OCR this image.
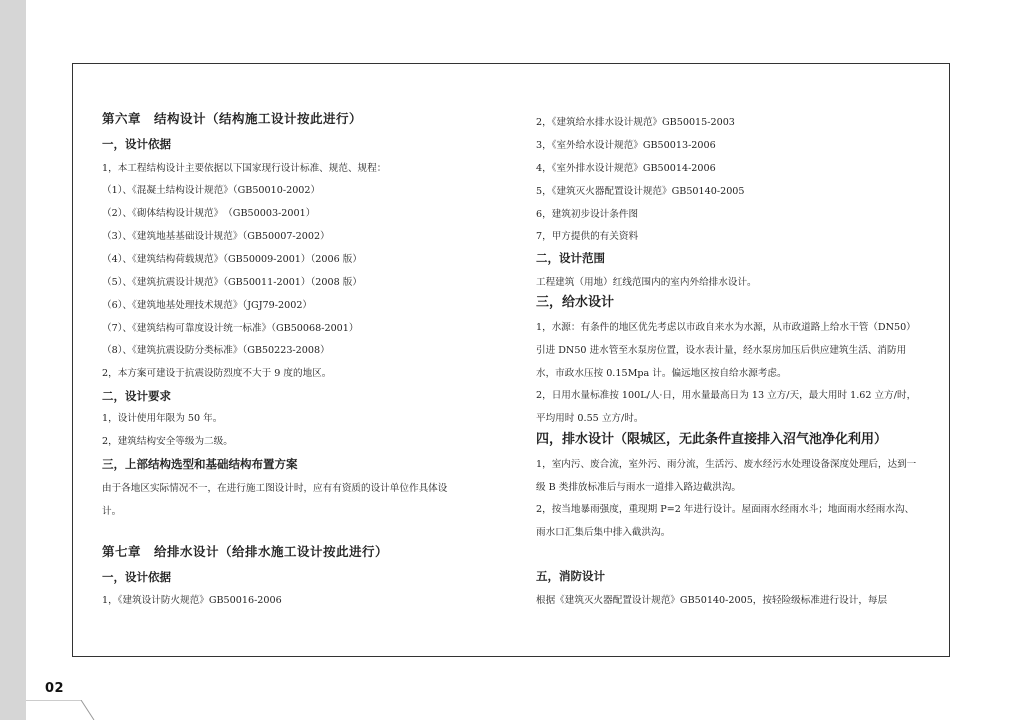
02
第六章　结构设计（结构施工设计按此进行）
一，设计依据
1，本工程结构设计主要依据以下国家现行设计标准、规范、规程：
（1）、《混凝土结构设计规范》（GB50010-2002）
（2）、《砌体结构设计规范》　（GB50003-2001）
（3）、《建筑地基基础设计规范》（GB50007-2002）
（4）、《建筑结构荷载规范》（GB50009-2001）（2006 版）
（5）、《建筑抗震设计规范》（GB50011-2001）（2008 版）
（6）、《建筑地基处理技术规范》（JGJ79-2002）
（7）、《建筑结构可靠度设计统一标准》（GB50068-2001）
（8）、《建筑抗震设防分类标准》（GB50223-2008）
2，本方案可建设于抗震设防烈度不大于 9 度的地区。
二，设计要求
1，设计使用年限为 50 年。
2，建筑结构安全等级为二级。
三，上部结构选型和基础结构布置方案
由于各地区实际情况不一，在进行施工图设计时，应有有资质的设计单位作具体设计。
第七章　给排水设计（给排水施工设计按此进行）
一，设计依据
1，《建筑设计防火规范》GB50016-2006
2，《建筑给水排水设计规范》GB50015-2003
3，《室外给水设计规范》GB50013-2006
4，《室外排水设计规范》GB50014-2006
5，《建筑灭火器配置设计规范》GB50140-2005
6，建筑初步设计条件图
7，甲方提供的有关资料
二，设计范围
工程建筑（用地）红线范围内的室内外给排水设计。
三，给水设计
1，水源：有条件的地区优先考虑以市政自来水为水源，从市政道路上给水干管（DN50）引进 DN50 进水管至水泵房位置，设水表计量，经水泵房加压后供应建筑生活、消防用水，市政水压按 0.15Mpa 计。偏远地区按自给水源考虑。
2，日用水量标准按 100L/人·日，用水量最高日为 13 立方/天，最大用时 1.62 立方/时，平均用时 0.55 立方/时。
四，排水设计（限城区，无此条件直接排入沼气池净化利用）
1，室内污、废合流，室外污、雨分流，生活污、废水经污水处理设备深度处理后，达到一级 B 类排放标准后与雨水一道排入路边截洪沟。
2，按当地暴雨强度，重现期 P=2 年进行设计。屋面雨水经雨水斗；地面雨水经雨水沟、雨水口汇集后集中排入截洪沟。
五，消防设计
根据《建筑灭火器配置设计规范》GB50140-2005，按轻险级标准进行设计，每层
